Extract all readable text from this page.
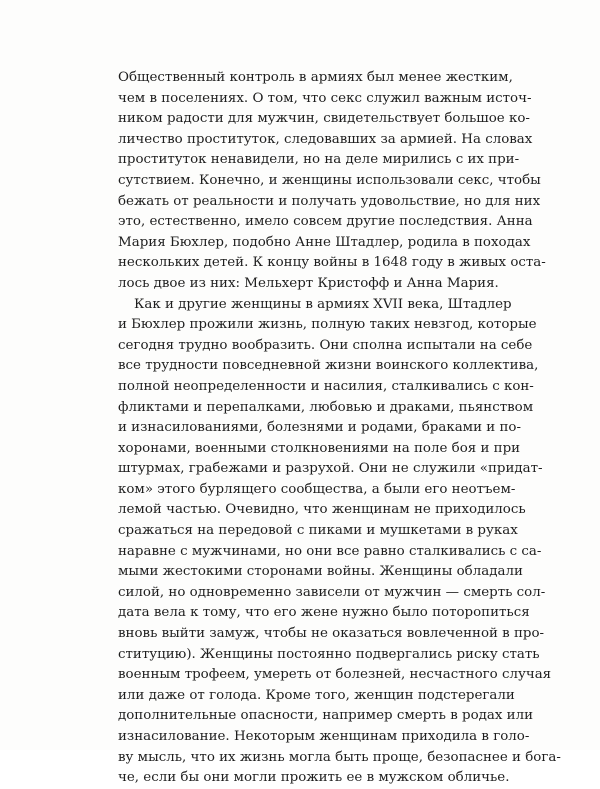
Общественный контроль в армиях был менее жестким,
чем в поселениях. О том, что секс служил важным источ-
ником радости для мужчин, свидетельствует большое ко-
личество проституток, следовавших за армией. На словах
проституток ненавидели, но на деле мирились с их при-
сутствием. Конечно, и женщины использовали секс, чтобы
бежать от реальности и получать удовольствие, но для них
это, естественно, имело совсем другие последствия. Анна
Мария Бюхлер, подобно Анне Штадлер, родила в походах
нескольких детей. К концу войны в 1648 году в живых оста-
лось двое из них: Мельхерт Кристофф и Анна Мария.
Как и другие женщины в армиях XVII века, Штадлер
и Бюхлер прожили жизнь, полную таких невзгод, которые
сегодня трудно вообразить. Они сполна испытали на себе
все трудности повседневной жизни воинского коллектива,
полной неопределенности и насилия, сталкивались с кон-
фликтами и перепалками, любовью и драками, пьянством
и изнасилованиями, болезнями и родами, браками и по-
хоронами, военными столкновениями на поле боя и при
штурмах, грабежами и разрухой. Они не служили «придат-
ком» этого бурлящего сообщества, а были его неотъем-
лемой частью. Очевидно, что женщинам не приходилось
сражаться на передовой с пиками и мушкетами в руках
наравне с мужчинами, но они все равно сталкивались с са-
мыми жестокими сторонами войны. Женщины обладали
силой, но одновременно зависели от мужчин — смерть сол-
дата вела к тому, что его жене нужно было поторопиться
вновь выйти замуж, чтобы не оказаться вовлеченной в про-
ституцию). Женщины постоянно подвергались риску стать
военным трофеем, умереть от болезней, несчастного случая
или даже от голода. Кроме того, женщин подстерегали
дополнительные опасности, например смерть в родах или
изнасилование. Некоторым женщинам приходила в голо-
ву мысль, что их жизнь могла быть проще, безопаснее и бога-
че, если бы они могли прожить ее в мужском обличье.
